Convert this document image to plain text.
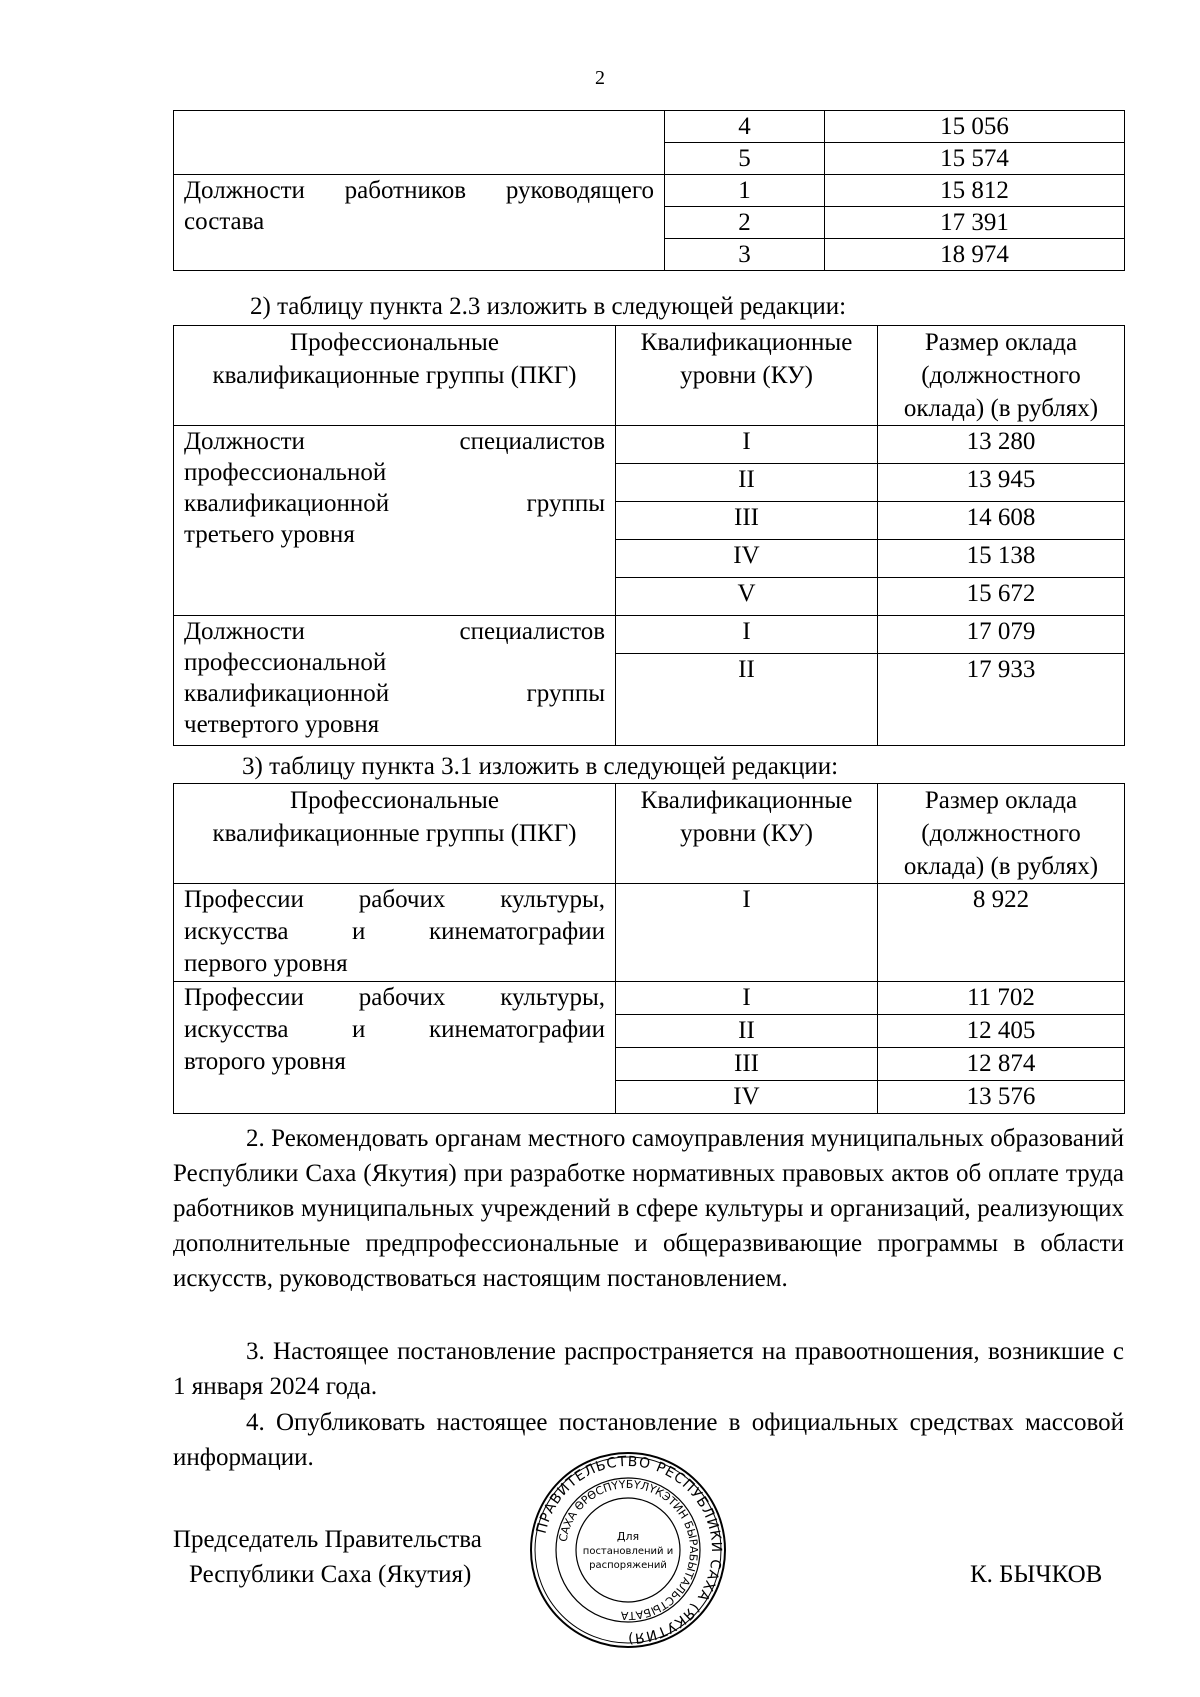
2
	4	15 056
	5	15 574

Должности работников руководящего
состава	1	15 812
	2	17 391
	3	18 974
2) таблицу пункта 2.3 изложить в следующей редакции:
Профессиональные квалификационные группы (ПКГ)	Квалификационные уровни (КУ)	Размер оклада (должностного оклада) (в рублях)

Должности специалистов
профессиональной
квалификационной группы
третьего уровня	I	13 280
	II	13 945
	III	14 608
	IV	15 138
	V	15 672

Должности специалистов
профессиональной
квалификационной группы
четвертого уровня	I	17 079
	II	17 933
3) таблицу пункта 3.1 изложить в следующей редакции:
Профессиональные квалификационные группы (ПКГ)	Квалификационные уровни (КУ)	Размер оклада (должностного оклада) (в рублях)

Профессии рабочих культуры,
искусства и кинематографии
первого уровня	I	8 922

Профессии рабочих культуры,
искусства и кинематографии
второго уровня	I	11 702
	II	12 405
	III	12 874
	IV	13 576
2. Рекомендовать органам местного самоуправления муниципальных образований Республики Саха (Якутия) при разработке нормативных правовых актов об оплате труда работников муниципальных учреждений в сфере культуры и организаций, реализующих дополнительные предпрофессиональные и общеразвивающие программы в области искусств, руководствоваться настоящим постановлением.
3. Настоящее постановление распространяется на правоотношения, возникшие с 1 января 2024 года.
4. Опубликовать настоящее постановление в официальных средствах массовой информации.
Председатель Правительства
Республики Саха (Якутия)	К. БЫЧКОВ
ПРАВИТЕЛЬСТВО РЕСПУБЛИКИ САХА (ЯКУТИЯ)
САХА ӨРӨСПҮҮБҮЛҮКЭТИН БЫРАБЫТАЛЬСТЫБАТА
Для
постановлений и
распоряжений
